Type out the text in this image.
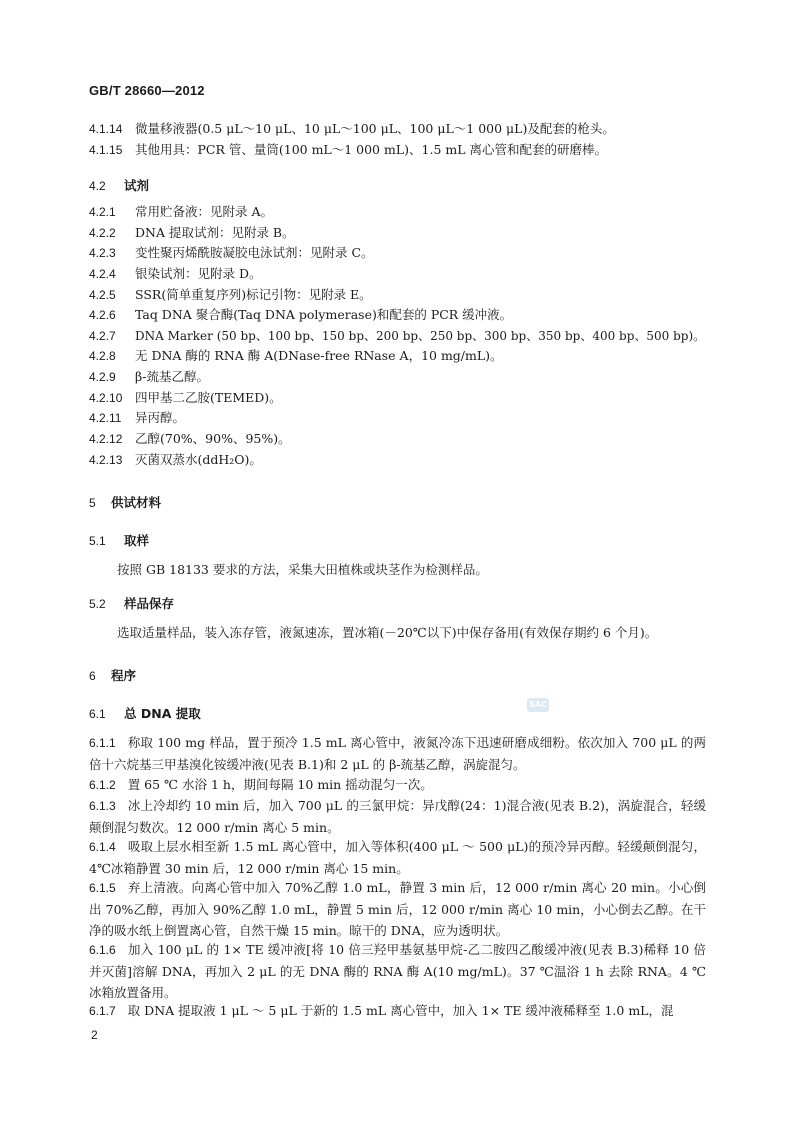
GB/T 28660—2012
4.1.14 微量移液器(0.5 μL～10 μL、10 μL～100 μL、100 μL～1 000 μL)及配套的枪头。
4.1.15 其他用具：PCR 管、量筒(100 mL～1 000 mL)、1.5 mL 离心管和配套的研磨棒。
4.2 试剂
4.2.1 常用贮备液：见附录 A。
4.2.2 DNA 提取试剂：见附录 B。
4.2.3 变性聚丙烯酰胺凝胶电泳试剂：见附录 C。
4.2.4 银染试剂：见附录 D。
4.2.5 SSR(简单重复序列)标记引物：见附录 E。
4.2.6 Taq DNA 聚合酶(Taq DNA polymerase)和配套的 PCR 缓冲液。
4.2.7 DNA Marker (50 bp、100 bp、150 bp、200 bp、250 bp、300 bp、350 bp、400 bp、500 bp)。
4.2.8 无 DNA 酶的 RNA 酶 A(DNase-free RNase A，10 mg/mL)。
4.2.9 β-巯基乙醇。
4.2.10 四甲基二乙胺(TEMED)。
4.2.11 异丙醇。
4.2.12 乙醇(70%、90%、95%)。
4.2.13 灭菌双蒸水(ddH₂O)。
5 供试材料
5.1 取样
按照 GB 18133 要求的方法，采集大田植株或块茎作为检测样品。
5.2 样品保存
选取适量样品，装入冻存管，液氮速冻，置冰箱(－20℃以下)中保存备用(有效保存期约 6 个月)。
6 程序
6.1 总 DNA 提取
SAC
6.1.1 称取 100 mg 样品，置于预冷 1.5 mL 离心管中，液氮冷冻下迅速研磨成细粉。依次加入 700 μL 的两倍十六烷基三甲基溴化铵缓冲液(见表 B.1)和 2 μL 的 β-巯基乙醇，涡旋混匀。
6.1.2 置 65 ℃ 水浴 1 h，期间每隔 10 min 摇动混匀一次。
6.1.3 冰上冷却约 10 min 后，加入 700 μL 的三氯甲烷：异戊醇(24：1)混合液(见表 B.2)，涡旋混合，轻缓颠倒混匀数次。12 000 r/min 离心 5 min。
6.1.4 吸取上层水相至新 1.5 mL 离心管中，加入等体积(400 μL ～ 500 μL)的预冷异丙醇。轻缓颠倒混匀，4℃冰箱静置 30 min 后，12 000 r/min 离心 15 min。
6.1.5 弃上清液。向离心管中加入 70%乙醇 1.0 mL，静置 3 min 后，12 000 r/min 离心 20 min。小心倒出 70%乙醇，再加入 90%乙醇 1.0 mL，静置 5 min 后，12 000 r/min 离心 10 min，小心倒去乙醇。在干净的吸水纸上倒置离心管，自然干燥 15 min。晾干的 DNA，应为透明状。
6.1.6 加入 100 μL 的 1× TE 缓冲液[将 10 倍三羟甲基氨基甲烷-乙二胺四乙酸缓冲液(见表 B.3)稀释 10 倍并灭菌]溶解 DNA，再加入 2 μL 的无 DNA 酶的 RNA 酶 A(10 mg/mL)。37 ℃温浴 1 h 去除 RNA。4 ℃冰箱放置备用。
6.1.7 取 DNA 提取液 1 μL ～ 5 μL 于新的 1.5 mL 离心管中，加入 1× TE 缓冲液稀释至 1.0 mL，混
2
